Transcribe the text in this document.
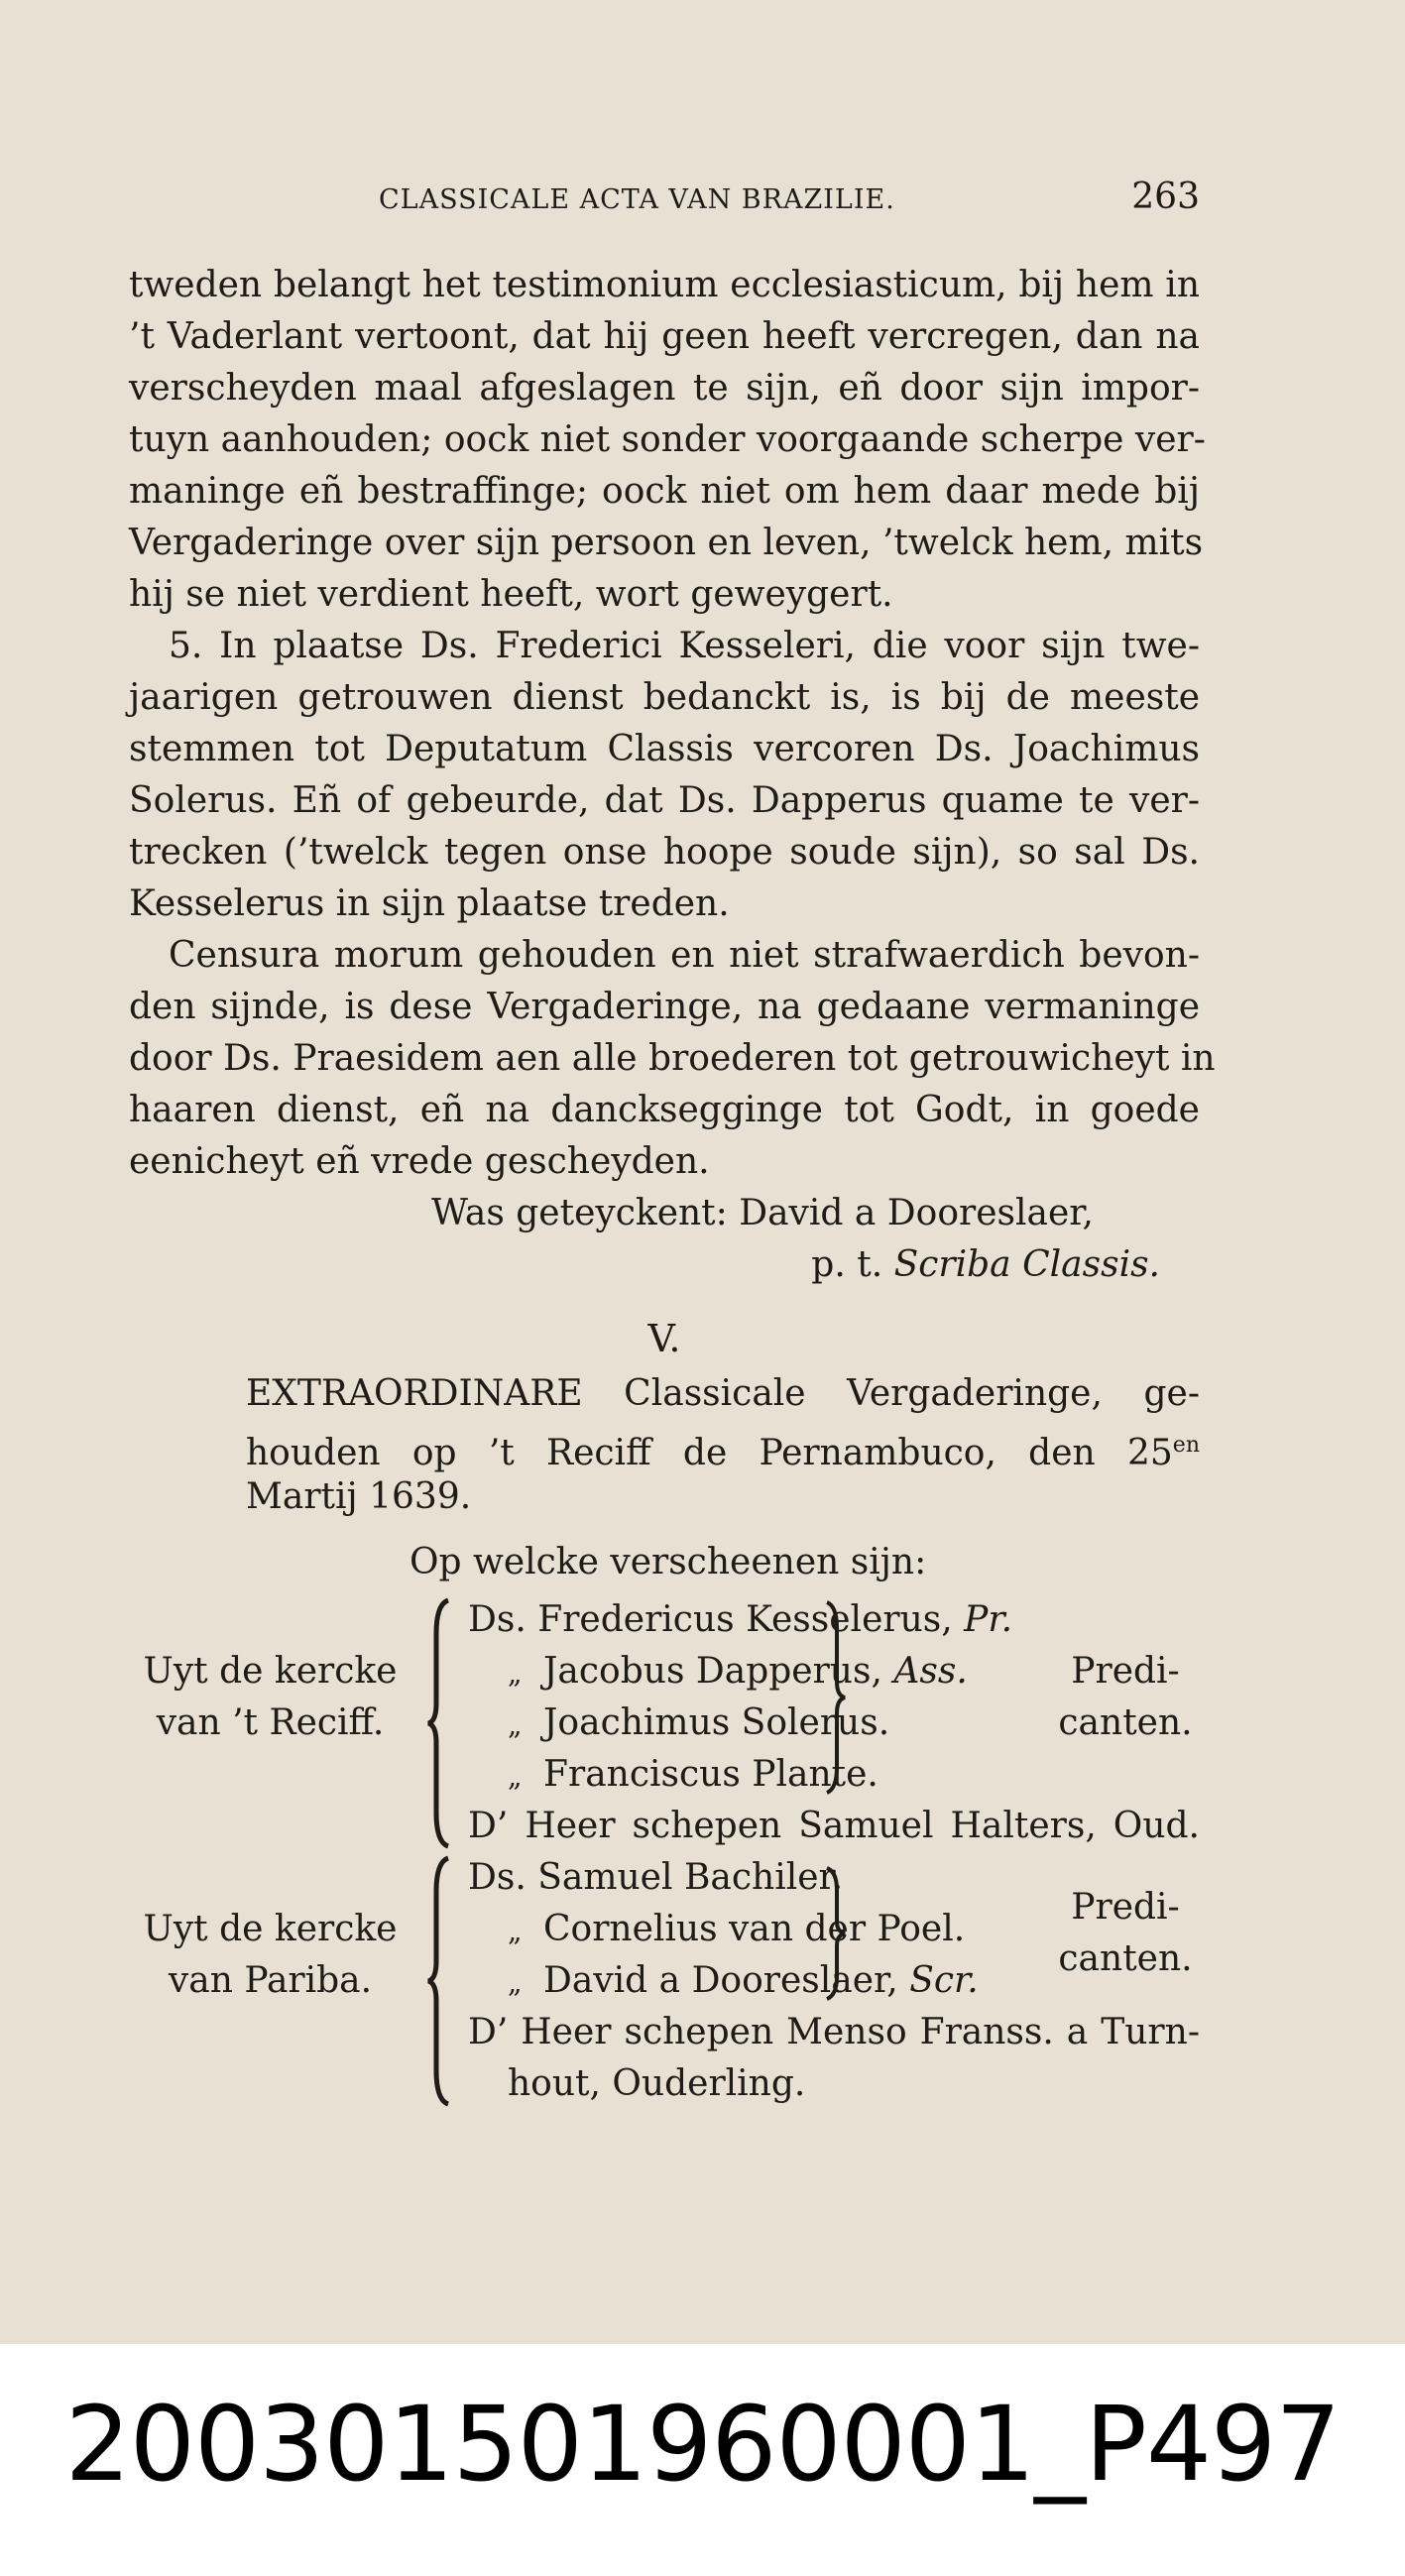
CLASSICALE ACTA VAN BRAZILIE.	263
tweden belangt het testimonium ecclesiasticum, bij hem in
’t Vaderlant vertoont, dat hij geen heeft vercregen, dan na
verscheyden maal afgeslagen te sijn, eñ door sijn impor-
tuyn aanhouden; oock niet sonder voorgaande scherpe ver-
maninge eñ bestraffinge; oock niet om hem daar mede bij
Vergaderinge over sijn persoon en leven, ’twelck hem, mits
hij se niet verdient heeft, wort geweygert.
5. In plaatse Ds. Frederici Kesseleri, die voor sijn twe-
jaarigen getrouwen dienst bedanckt is, is bij de meeste
stemmen tot Deputatum Classis vercoren Ds. Joachimus
Solerus. Eñ of gebeurde, dat Ds. Dapperus quame te ver-
trecken (’twelck tegen onse hoope soude sijn), so sal Ds.
Kesselerus in sijn plaatse treden.
Censura morum gehouden en niet strafwaerdich bevon-
den sijnde, is dese Vergaderinge, na gedaane vermaninge
door Ds. Praesidem aen alle broederen tot getrouwicheyt in
haaren dienst, eñ na dancksegginge tot Godt, in goede
eenicheyt eñ vrede gescheyden.
Was geteyckent: David a Dooreslaer,
p. t. Scriba Classis.
V.
EXTRAORDINARE Classicale Vergaderinge, ge-
houden op ’t Reciff de Pernambuco, den $25^{en}$
Martij 1639.
Op welcke verscheenen sijn:
Uyt de kercke
van ’t Reciff.
Ds. Fredericus Kesselerus, Pr.
„ Jacobus Dapperus, Ass.
„ Joachimus Solerus.
„ Franciscus Plante.
D’ Heer schepen Samuel Halters, Oud.
Predi-
canten.
Uyt de kercke
van Pariba.
Ds. Samuel Bachiler.
„ Cornelius van der Poel.
„ David a Dooreslaer, Scr.
D’ Heer schepen Menso Franss. a Turn-
hout, Ouderling.
Predi-
canten.
20030150196000​1_P497
